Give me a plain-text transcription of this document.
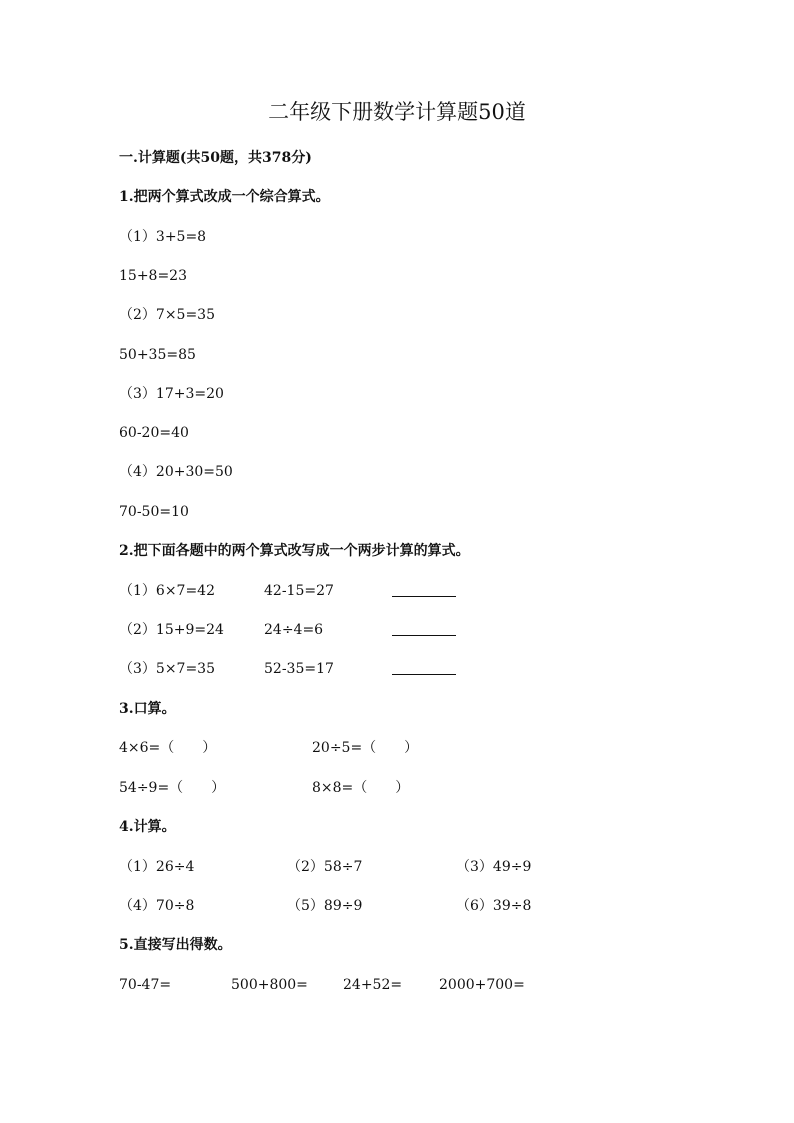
二年级下册数学计算题50道
一.计算题(共50题，共378分)
1.把两个算式改成一个综合算式。
（1）3+5=8
15+8=23
（2）7×5=35
50+35=85
（3）17+3=20
60-20=40
（4）20+30=50
70-50=10
2.把下面各题中的两个算式改写成一个两步计算的算式。
（1）6×7=42	42-15=27
（2）15+9=24	24÷4=6
（3）5×7=35	52-35=17
3.口算。
4×6=（　　）	20÷5=（　　）
54÷9=（　　）	8×8=（　　）
4.计算。
（1）26÷4	（2）58÷7	（3）49÷9
（4）70÷8	（5）89÷9	（6）39÷8
5.直接写出得数。
70-47=	500+800=	24+52=	2000+700=
